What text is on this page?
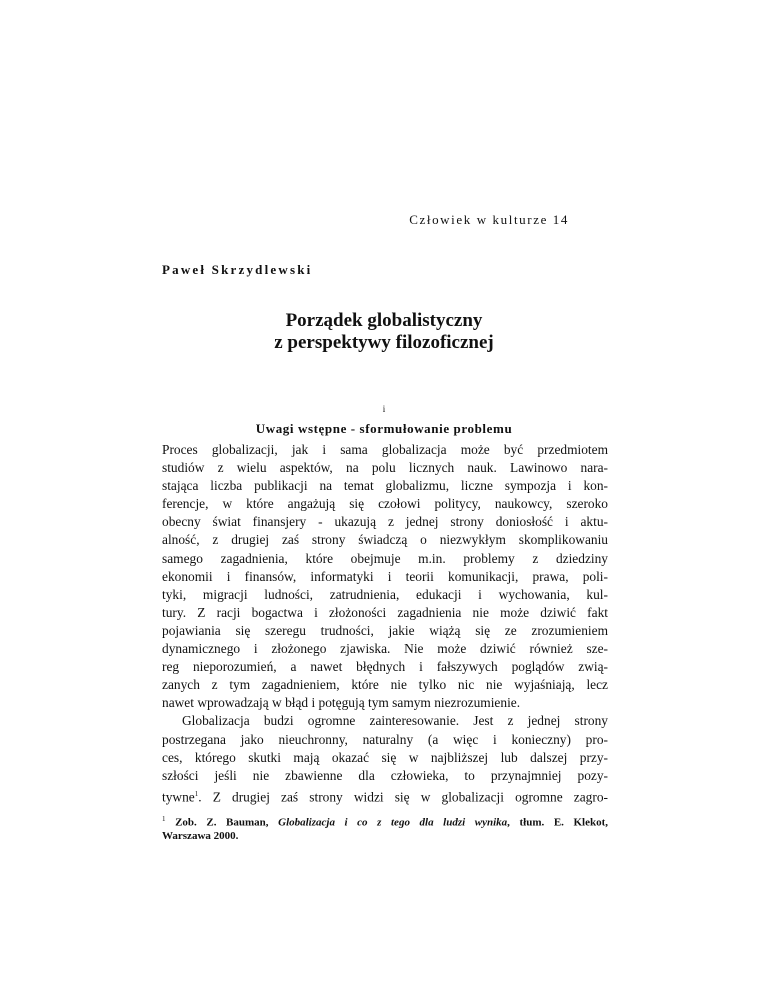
Człowiek w kulturze 14
Paweł Skrzydlewski
Porządek globalistyczny
z perspektywy filozoficznej
i
Uwagi wstępne - sformułowanie problemu
Proces globalizacji, jak i sama globalizacja może być przedmiotem
studiów z wielu aspektów, na polu licznych nauk. Lawinowo nara-
stająca liczba publikacji na temat globalizmu, liczne sympozja i kon-
ferencje, w które angażują się czołowi politycy, naukowcy, szeroko
obecny świat finansjery - ukazują z jednej strony doniosłość i aktu-
alność, z drugiej zaś strony świadczą o niezwykłym skomplikowaniu
samego zagadnienia, które obejmuje m.in. problemy z dziedziny
ekonomii i finansów, informatyki i teorii komunikacji, prawa, poli-
tyki, migracji ludności, zatrudnienia, edukacji i wychowania, kul-
tury. Z racji bogactwa i złożoności zagadnienia nie może dziwić fakt
pojawiania się szeregu trudności, jakie wiążą się ze zrozumieniem
dynamicznego i złożonego zjawiska. Nie może dziwić również sze-
reg nieporozumień, a nawet błędnych i fałszywych poglądów zwią-
zanych z tym zagadnieniem, które nie tylko nic nie wyjaśniają, lecz
nawet wprowadzają w błąd i potęgują tym samym niezrozumienie.
Globalizacja budzi ogromne zainteresowanie. Jest z jednej strony
postrzegana jako nieuchronny, naturalny (a więc i konieczny) pro-
ces, którego skutki mają okazać się w najbliższej lub dalszej przy-
szłości jeśli nie zbawienne dla człowieka, to przynajmniej pozy-
tywne$^1$. Z drugiej zaś strony widzi się w globalizacji ogromne zagro-
$^1$ Zob. Z. Bauman, Globalizacja i co z tego dla ludzi wynika, tłum. E. Klekot,
Warszawa 2000.
